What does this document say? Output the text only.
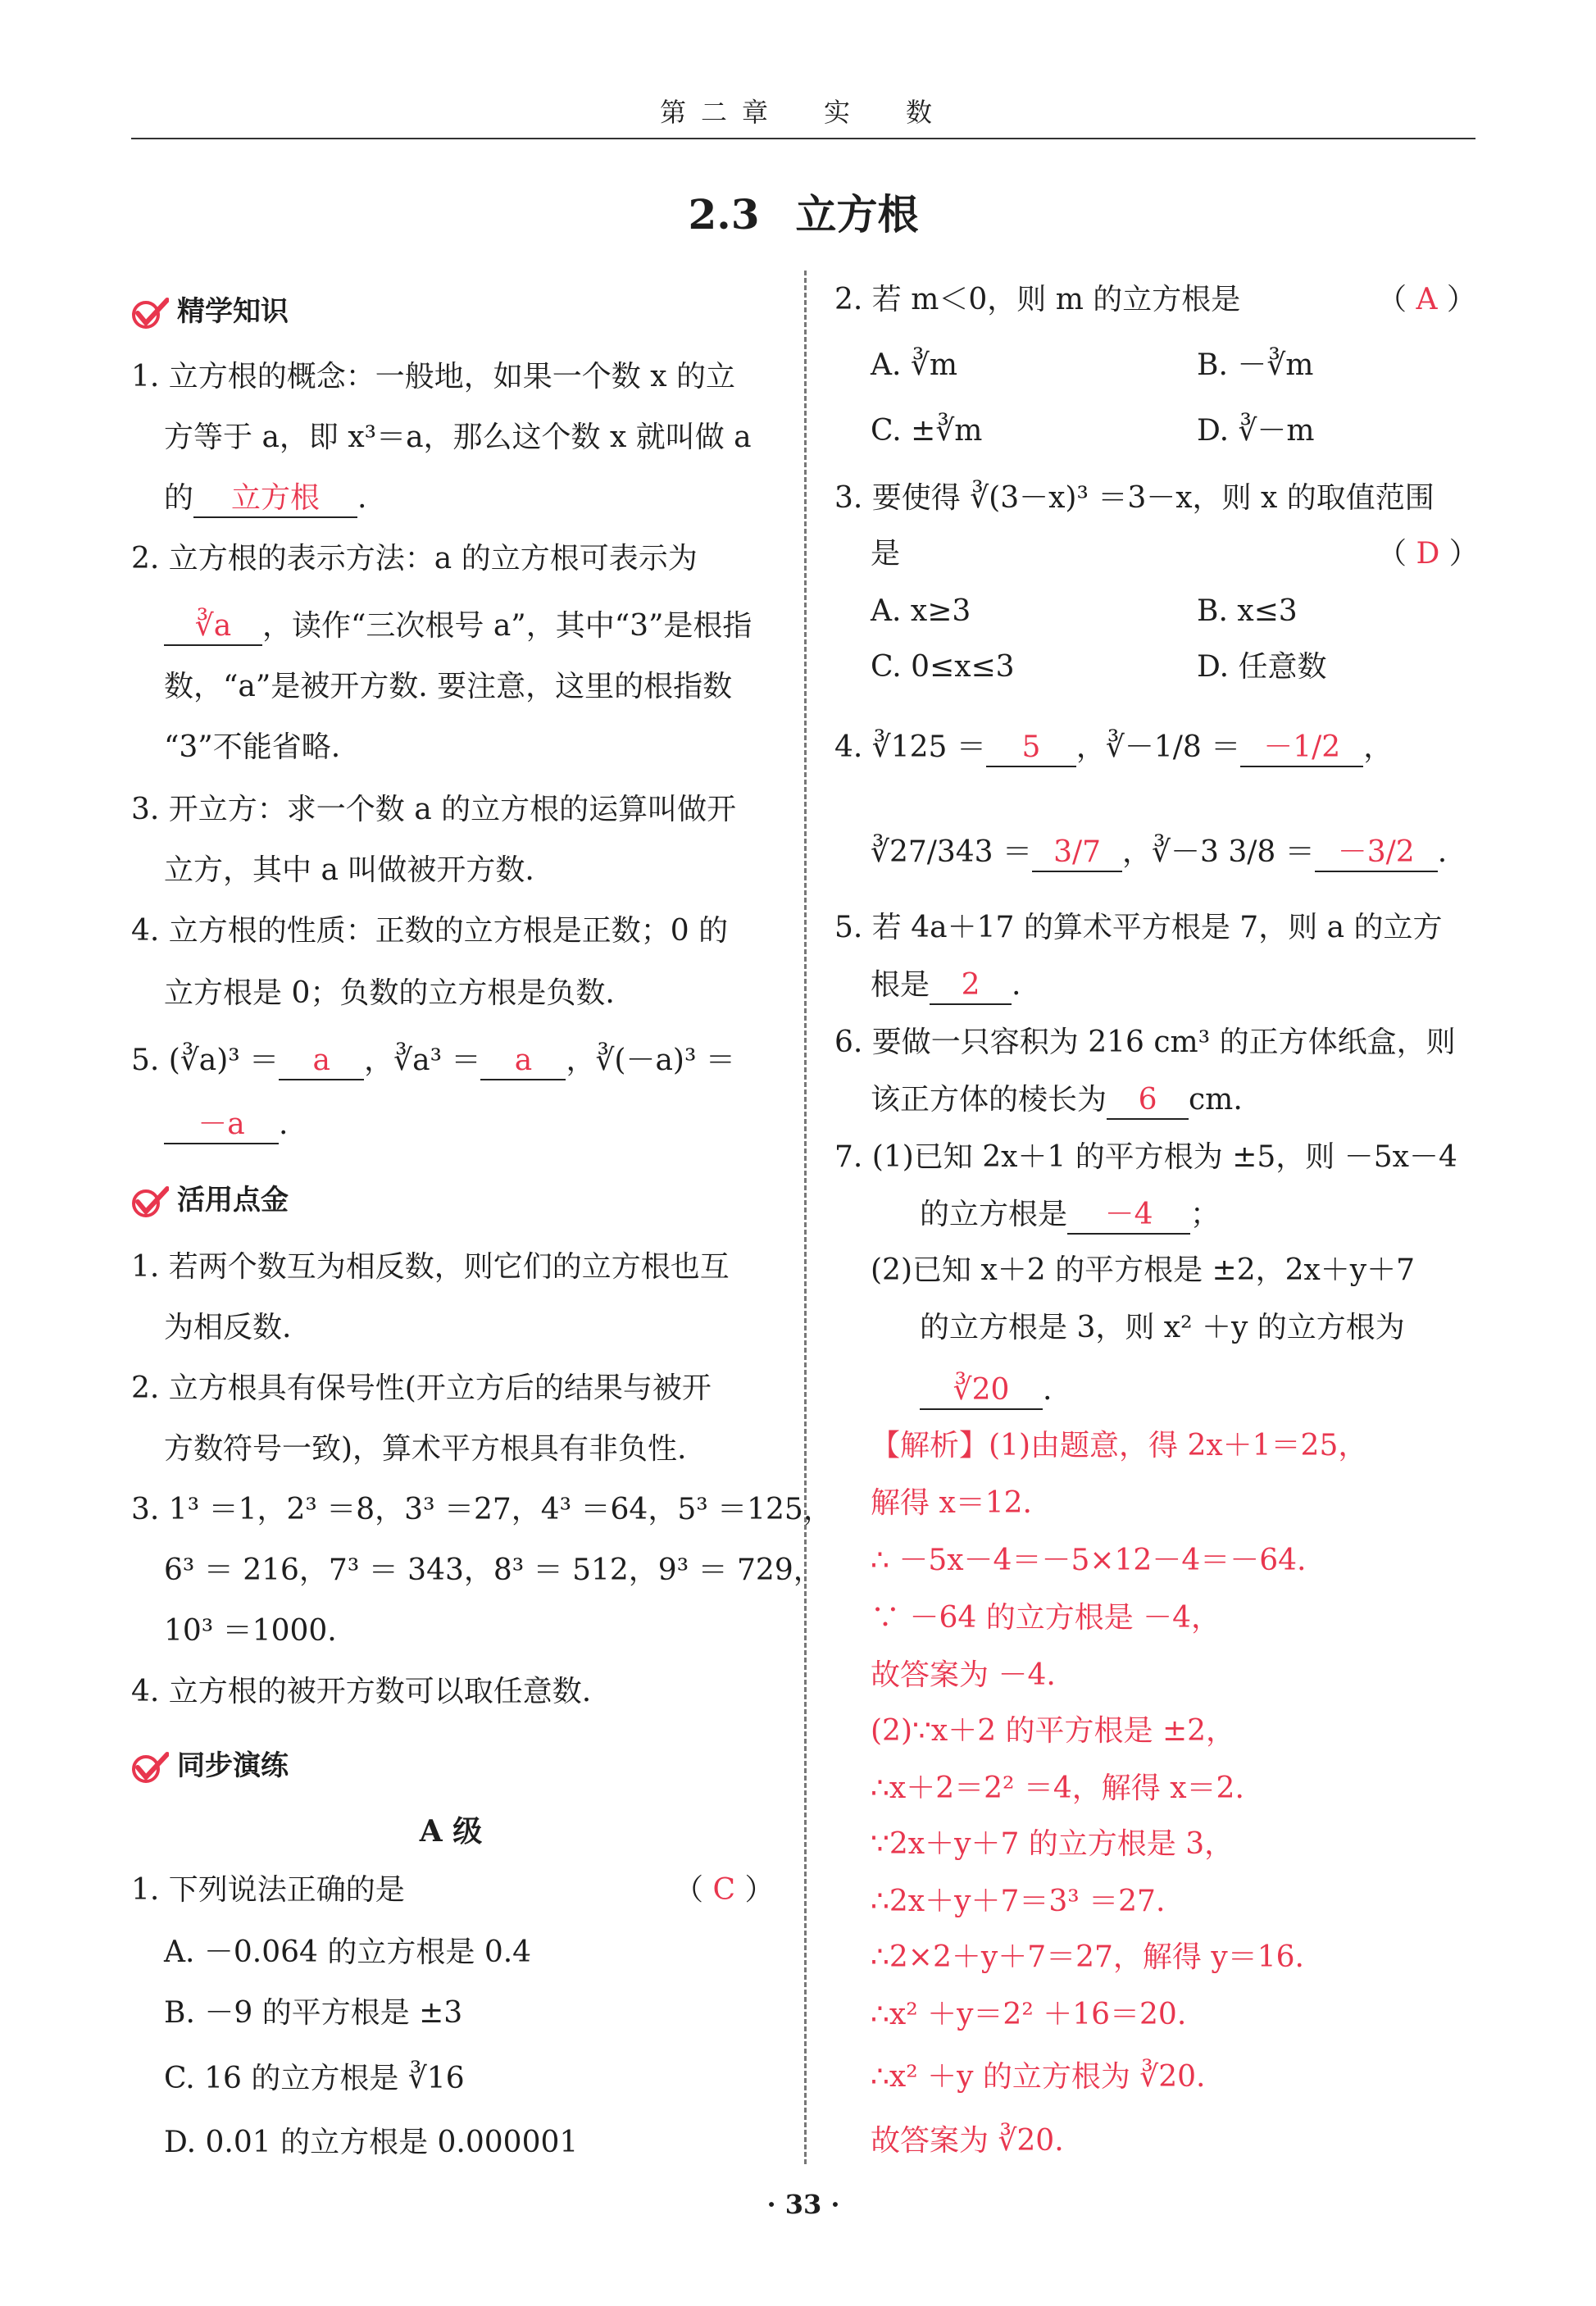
第二章　实　数
2.3 立方根
精学知识
1. 立方根的概念：一般地，如果一个数 x 的立
方等于 a，即 x³＝a，那么这个数 x 就叫做 a
的 立方根 .
2. 立方根的表示方法：a 的立方根可表示为
∛a ，读作“三次根号 a”，其中“3”是根指
数，“a”是被开方数. 要注意，这里的根指数
“3”不能省略.
3. 开立方：求一个数 a 的立方根的运算叫做开
立方，其中 a 叫做被开方数.
4. 立方根的性质：正数的立方根是正数；0 的
立方根是 0；负数的立方根是负数.
5. (∛a)³ ＝ a ，∛a³ ＝ a ，∛(－a)³ ＝
－a .
活用点金
1. 若两个数互为相反数，则它们的立方根也互
为相反数.
2. 立方根具有保号性(开立方后的结果与被开
方数符号一致)，算术平方根具有非负性.
3. 1³ ＝1，2³ ＝8，3³ ＝27，4³ ＝64，5³ ＝125，
6³ ＝ 216，7³ ＝ 343，8³ ＝ 512，9³ ＝ 729，
10³ ＝1000.
4. 立方根的被开方数可以取任意数.
同步演练
A 级
1. 下列说法正确的是	（ C ）
A. －0.064 的立方根是 0.4
B. －9 的平方根是 ±3
C. 16 的立方根是 ∛16
D. 0.01 的立方根是 0.000001
2. 若 m＜0，则 m 的立方根是	（ A ）
A. ∛m	B. －∛m
C. ±∛m	D. ∛－m
3. 要使得 ∛(3－x)³ ＝3－x，则 x 的取值范围
是	（ D ）
A. x≥3	B. x≤3
C. 0≤x≤3	D. 任意数
4. ∛125 ＝ 5 ，∛－1/8 ＝ －1/2 ，
∛27/343 ＝ 3/7 ，∛－3 3/8 ＝ －3/2 .
5. 若 4a＋17 的算术平方根是 7，则 a 的立方
根是 2 .
6. 要做一只容积为 216 cm³ 的正方体纸盒，则
该正方体的棱长为 6 cm.
7. (1)已知 2x＋1 的平方根为 ±5，则 －5x－4
的立方根是 －4 ；
(2)已知 x＋2 的平方根是 ±2，2x＋y＋7
的立方根是 3，则 x² ＋y 的立方根为
∛20 .
【解析】(1)由题意，得 2x＋1＝25，
解得 x＝12.
∴ －5x－4＝－5×12－4＝－64.
∵ －64 的立方根是 －4，
故答案为 －4.
(2)∵x＋2 的平方根是 ±2，
∴x＋2＝2² ＝4，解得 x＝2.
∵2x＋y＋7 的立方根是 3，
∴2x＋y＋7＝3³ ＝27.
∴2×2＋y＋7＝27，解得 y＝16.
∴x² ＋y＝2² ＋16＝20.
∴x² ＋y 的立方根为 ∛20.
故答案为 ∛20.
· 33 ·
